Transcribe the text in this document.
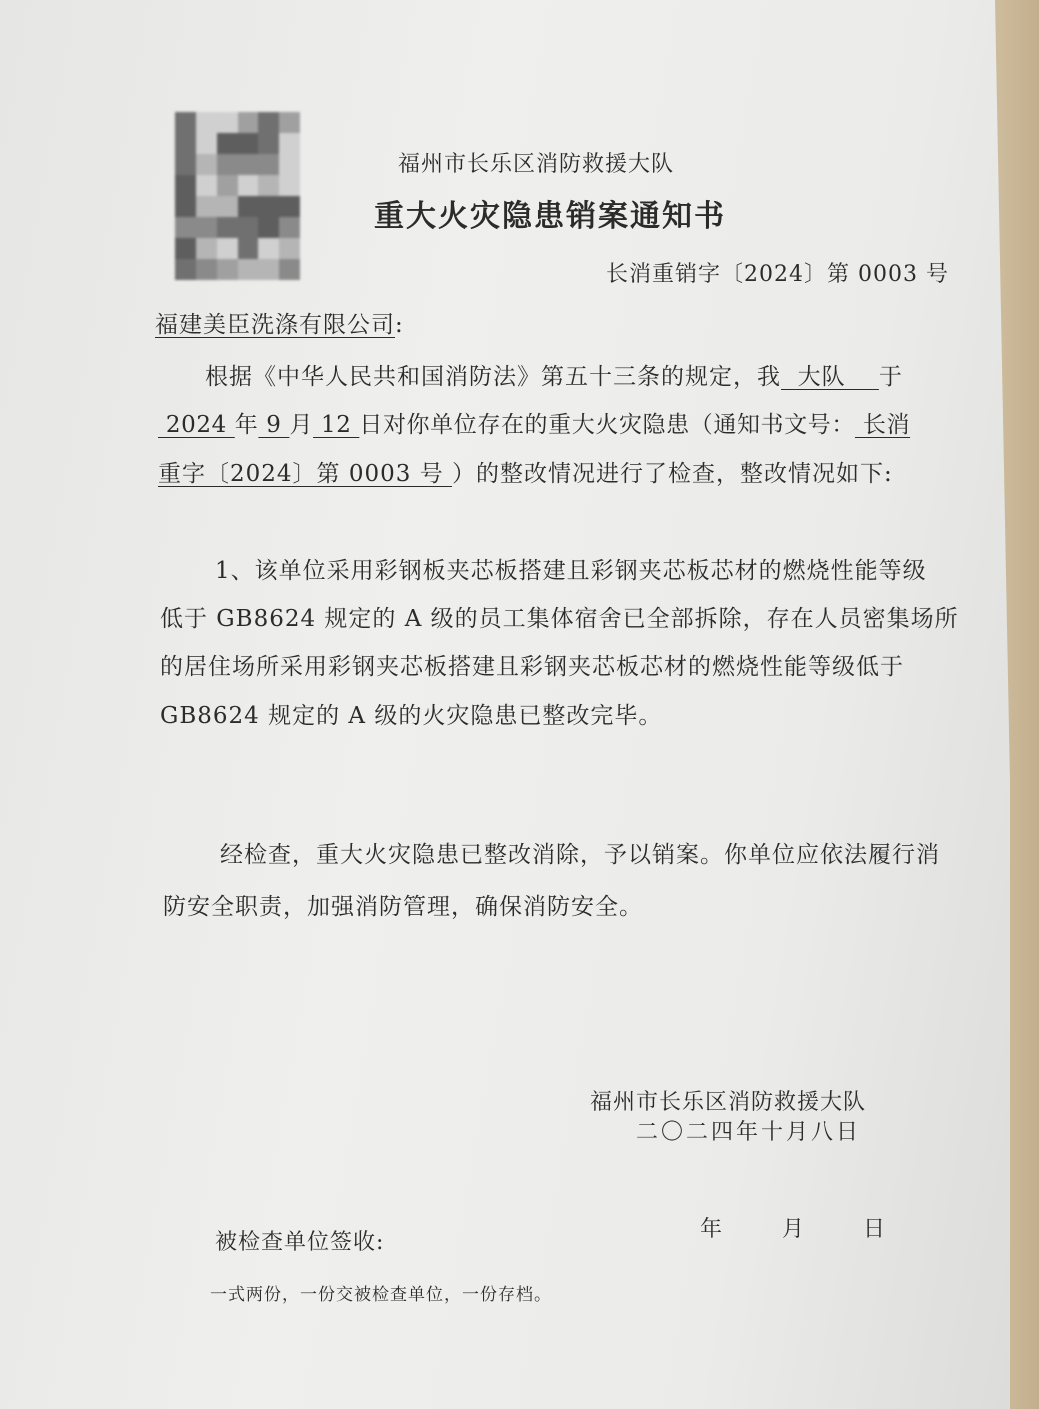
福州市长乐区消防救援大队
重大火灾隐患销案通知书
长消重销字〔2024〕第 0003 号
福建美臣洗涤有限公司:
根据《中华人民共和国消防法》第五十三条的规定，我  大队    于
2024 年 9 月 12 日对你单位存在的重大火灾隐患（通知书文号： 长消
重字〔2024〕第 0003 号 ）的整改情况进行了检查，整改情况如下:
1、该单位采用彩钢板夹芯板搭建且彩钢夹芯板芯材的燃烧性能等级
低于 GB8624 规定的 A 级的员工集体宿舍已全部拆除，存在人员密集场所
的居住场所采用彩钢夹芯板搭建且彩钢夹芯板芯材的燃烧性能等级低于
GB8624 规定的 A 级的火灾隐患已整改完毕。
经检查，重大火灾隐患已整改消除，予以销案。你单位应依法履行消
防安全职责，加强消防管理，确保消防安全。
福州市长乐区消防救援大队
二〇二四年十月八日
被检查单位签收:
年	月	日
一式两份，一份交被检查单位，一份存档。
